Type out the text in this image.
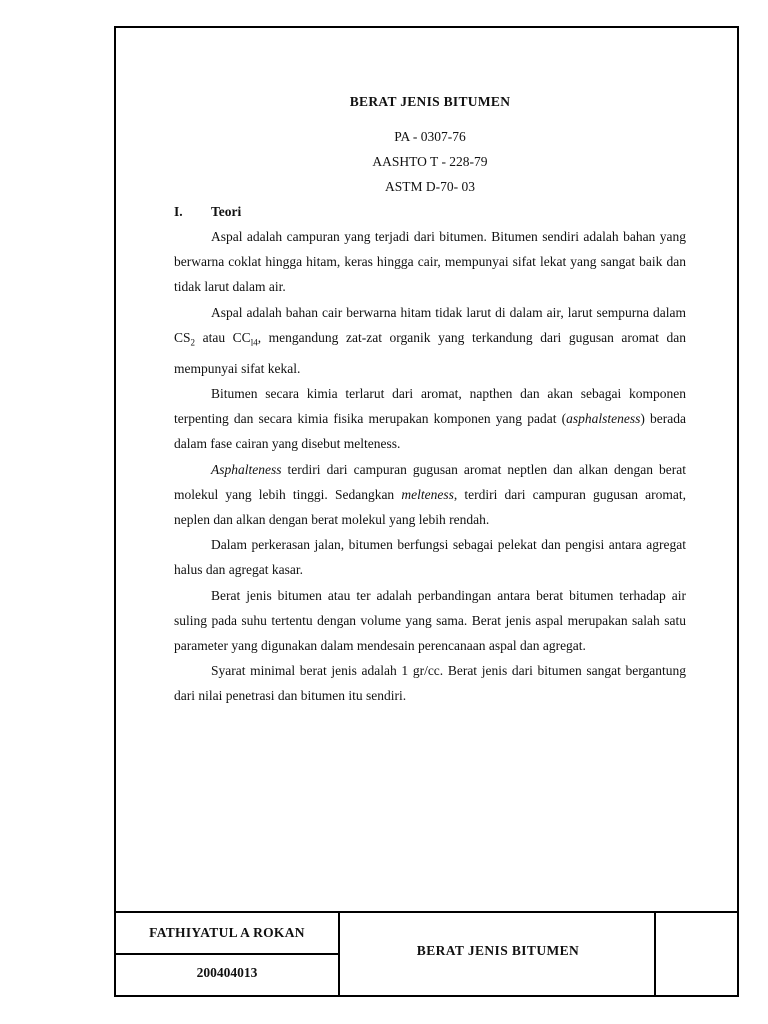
BERAT JENIS BITUMEN
PA - 0307-76
AASHTO T - 228-79
ASTM D-70- 03
I.	Teori

Aspal adalah campuran yang terjadi dari bitumen. Bitumen sendiri adalah bahan yang berwarna coklat hingga hitam, keras hingga cair, mempunyai sifat lekat yang sangat baik dan tidak larut dalam air.

Aspal adalah bahan cair berwarna hitam tidak larut di dalam air, larut sempurna dalam $CS_2$ atau $CC_{l4}$, mengandung zat-zat organik yang terkandung dari gugusan aromat dan mempunyai sifat kekal.

Bitumen secara kimia terlarut dari aromat, napthen dan akan sebagai komponen terpenting dan secara kimia fisika merupakan komponen yang padat (asphalsteness) berada dalam fase cairan yang disebut melteness.

Asphalteness terdiri dari campuran gugusan aromat neptlen dan alkan dengan berat molekul yang lebih tinggi. Sedangkan melteness, terdiri dari campuran gugusan aromat, neplen dan alkan dengan berat molekul yang lebih rendah.

Dalam perkerasan jalan, bitumen berfungsi sebagai pelekat dan pengisi antara agregat halus dan agregat kasar.

Berat jenis bitumen atau ter adalah perbandingan antara berat bitumen terhadap air suling pada suhu tertentu dengan volume yang sama. Berat jenis aspal merupakan salah satu parameter yang digunakan dalam mendesain perencanaan aspal dan agregat.

Syarat minimal berat jenis adalah 1 gr/cc. Berat jenis dari bitumen sangat bergantung dari nilai penetrasi dan bitumen itu sendiri.

FATHIYATUL A ROKAN
200404013
BERAT JENIS BITUMEN
